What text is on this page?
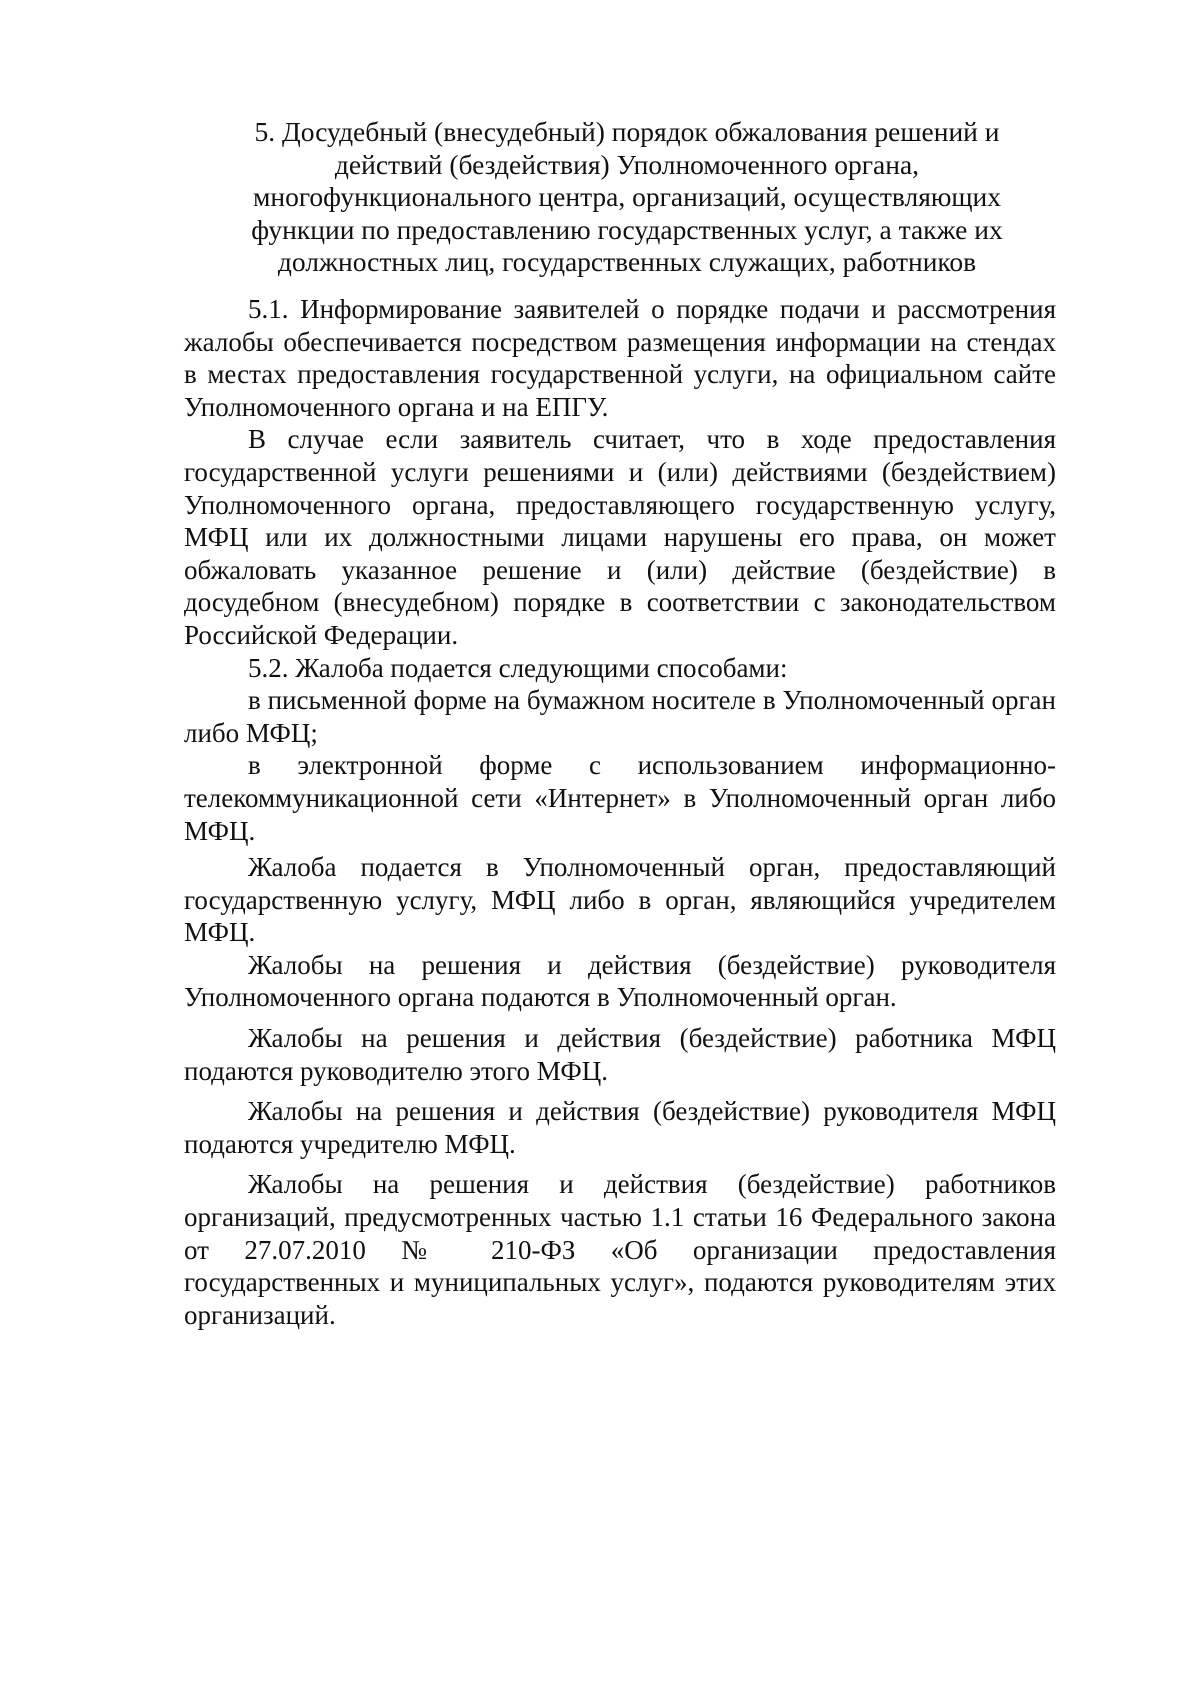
5. Досудебный (внесудебный) порядок обжалования решений и действий (бездействия) Уполномоченного органа, многофункционального центра, организаций, осуществляющих функции по предоставлению государственных услуг, а также их должностных лиц, государственных служащих, работников

5.1. Информирование заявителей о порядке подачи и рассмотрения жалобы обеспечивается посредством размещения информации на стендах в местах предоставления государственной услуги, на официальном сайте Уполномоченного органа и на ЕПГУ.

В случае если заявитель считает, что в ходе предоставления государственной услуги решениями и (или) действиями (бездействием) Уполномоченного органа, предоставляющего государственную услугу, МФЦ или их должностными лицами нарушены его права, он может обжаловать указанное решение и (или) действие (бездействие) в досудебном (внесудебном) порядке в соответствии с законодательством Российской Федерации.

5.2. Жалоба подается следующими способами:

в письменной форме на бумажном носителе в Уполномоченный орган либо МФЦ;

в электронной форме с использованием информационно-телекоммуникационной сети «Интернет» в Уполномоченный орган либо МФЦ.

Жалоба подается в Уполномоченный орган, предоставляющий государственную услугу, МФЦ либо в орган, являющийся учредителем МФЦ.

Жалобы на решения и действия (бездействие) руководителя Уполномоченного органа подаются в Уполномоченный орган.

Жалобы на решения и действия (бездействие) работника МФЦ подаются руководителю этого МФЦ.

Жалобы на решения и действия (бездействие) руководителя МФЦ подаются учредителю МФЦ.

Жалобы на решения и действия (бездействие) работников организаций, предусмотренных частью 1.1 статьи 16 Федерального закона от 27.07.2010 № 210-ФЗ «Об организации предоставления государственных и муниципальных услуг», подаются руководителям этих организаций.
